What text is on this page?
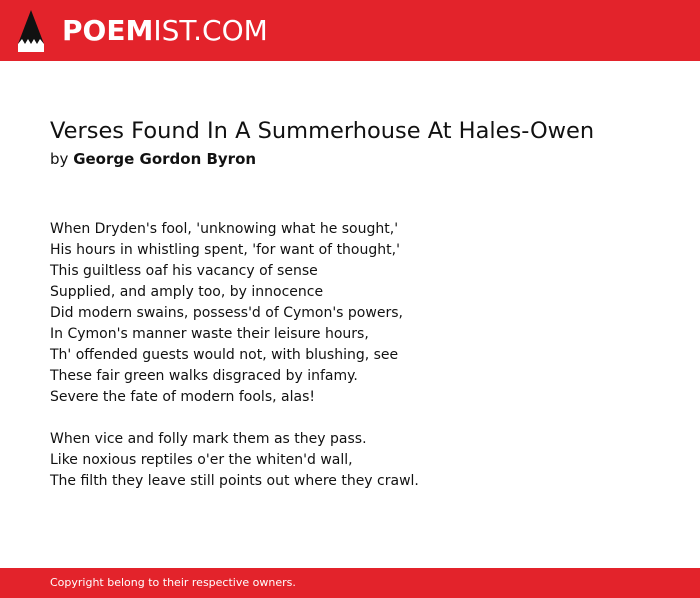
POEMIST.COM
Verses Found In A Summerhouse At Hales-Owen
by George Gordon Byron
When Dryden's fool, 'unknowing what he sought,'
His hours in whistling spent, 'for want of thought,'
This guiltless oaf his vacancy of sense
Supplied, and amply too, by innocence
Did modern swains, possess'd of Cymon's powers,
In Cymon's manner waste their leisure hours,
Th' offended guests would not, with blushing, see
These fair green walks disgraced by infamy.
Severe the fate of modern fools, alas!
When vice and folly mark them as they pass.
Like noxious reptiles o'er the whiten'd wall,
The filth they leave still points out where they crawl.
Copyright belong to their respective owners.
